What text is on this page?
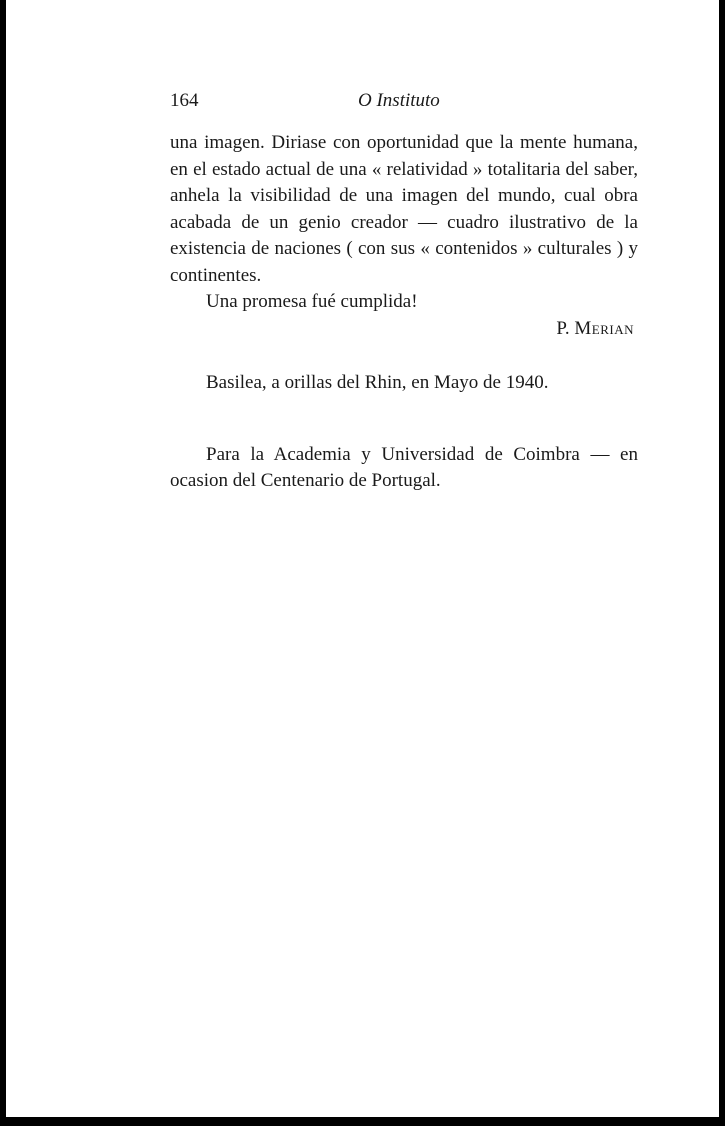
164	O Instituto

una imagen. Diriase con oportunidad que la mente humana, en el estado actual de una « relatividad » totalitaria del saber, anhela la visibilidad de una imagen del mundo, cual obra acabada de un genio creador — cuadro ilustrativo de la existencia de naciones ( con sus « contenidos » culturales ) y continentes.

Una promesa fué cumplida!

P. Merian

Basilea, a orillas del Rhin, en Mayo de 1940.

Para la Academia y Universidad de Coimbra — en ocasion del Centenario de Portugal.
